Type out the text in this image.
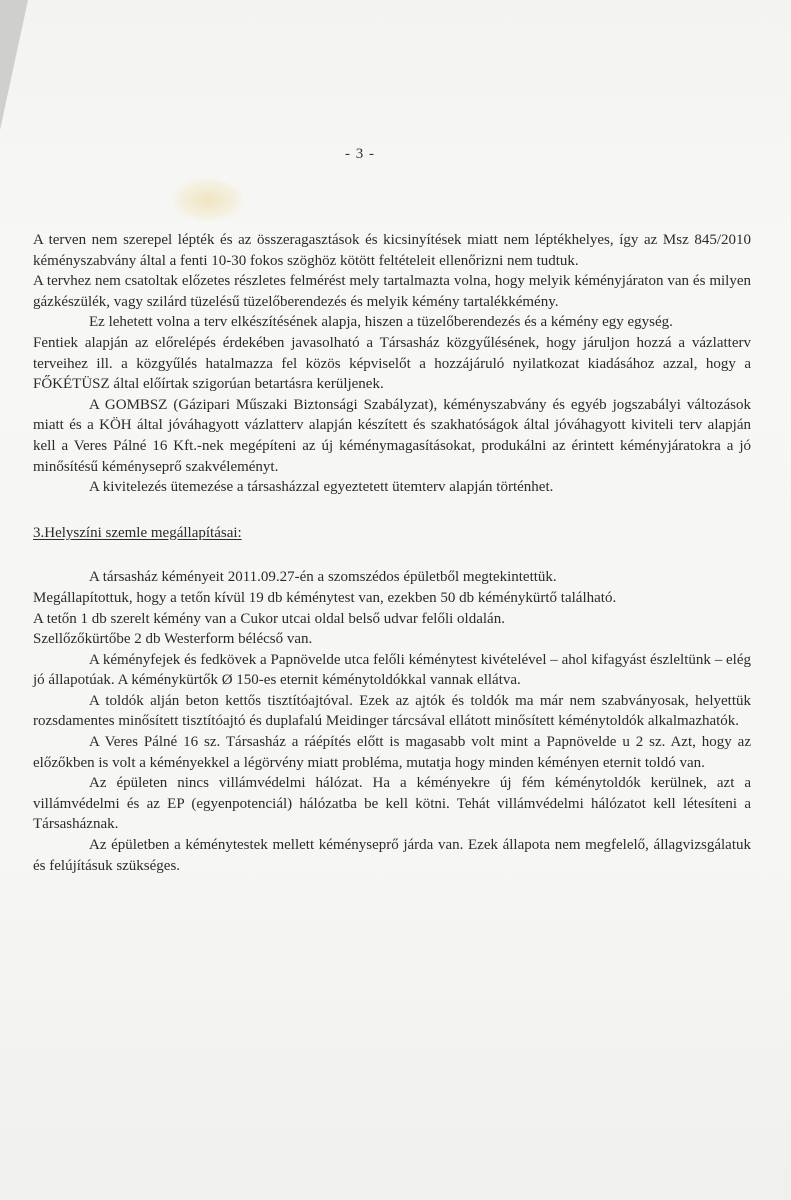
- 3 -

A terven nem szerepel lépték és az összeragasztások és kicsinyítések miatt nem léptékhelyes, így az Msz 845/2010 kéményszabvány által a fenti 10-30 fokos szöghöz kötött feltételeit ellenőrizni nem tudtuk.

A tervhez nem csatoltak előzetes részletes felmérést mely tartalmazta volna, hogy melyik kéményjáraton van és milyen gázkészülék, vagy szilárd tüzelésű tüzelőberendezés és melyik kémény tartalékkémény.

Ez lehetett volna a terv elkészítésének alapja, hiszen a tüzelőberendezés és a kémény egy egység.

Fentiek alapján az előrelépés érdekében javasolható a Társasház közgyűlésének, hogy járuljon hozzá a vázlatterv terveihez ill. a közgyűlés hatalmazza fel közös képviselőt a hozzájáruló nyilatkozat kiadásához azzal, hogy a FŐKÉTÜSZ által előírtak szigorúan betartásra kerüljenek.

A GOMBSZ (Gázipari Műszaki Biztonsági Szabályzat), kéményszabvány és egyéb jogszabályi változások miatt és a KÖH által jóváhagyott vázlatterv alapján készített és szakhatóságok által jóváhagyott kiviteli terv alapján kell a Veres Pálné 16 Kft.-nek megépíteni az új kéménymagasításokat, produkálni az érintett kéményjáratokra a jó minősítésű kéményseprő szakvéleményt.

A kivitelezés ütemezése a társasházzal egyeztetett ütemterv alapján történhet.

3.Helyszíni szemle megállapításai:

A társasház kéményeit 2011.09.27-én a szomszédos épületből megtekintettük.

Megállapítottuk, hogy a tetőn kívül 19 db kéménytest van, ezekben 50 db kéménykürtő található.

A tetőn 1 db szerelt kémény van a Cukor utcai oldal belső udvar felőli oldalán.

Szellőzőkürtőbe 2 db Westerform bélécső van.

A kéményfejek és fedkövek a Papnövelde utca felőli kéménytest kivételével – ahol kifagyást észleltünk – elég jó állapotúak. A kéménykürtők Ø 150-es eternit kéménytoldókkal vannak ellátva.

A toldók alján beton kettős tisztítóajtóval. Ezek az ajtók és toldók ma már nem szabványosak, helyettük rozsdamentes minősített tisztítóajtó és duplafalú Meidinger tárcsával ellátott minősített kéménytoldók alkalmazhatók.

A Veres Pálné 16 sz. Társasház a ráépítés előtt is magasabb volt mint a Papnövelde u 2 sz. Azt, hogy az előzőkben is volt a kéményekkel a légörvény miatt probléma, mutatja hogy minden kéményen eternit toldó van.

Az épületen nincs villámvédelmi hálózat. Ha a kéményekre új fém kéménytoldók kerülnek, azt a villámvédelmi és az EP (egyenpotenciál) hálózatba be kell kötni. Tehát villámvédelmi hálózatot kell létesíteni a Társasháznak.

Az épületben a kéménytestek mellett kéményseprő járda van. Ezek állapota nem megfelelő, állagvizsgálatuk és felújításuk szükséges.
